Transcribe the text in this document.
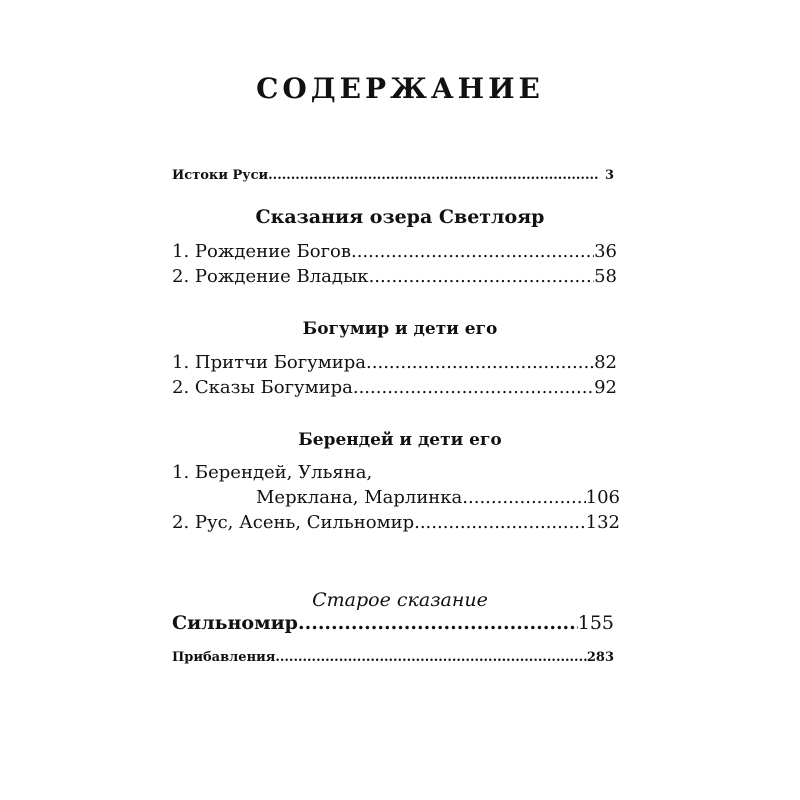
СОДЕРЖАНИЕ
Истоки Руси .....	3
Сказания озера Светлояр
1. Рождение Богов .....	36
2. Рождение Владык .....	58
Богумир и дети его
1. Притчи Богумира .....	82
2. Сказы Богумира .....	92
Берендей и дети его
1. Берендей, Ульяна,
Мерклана, Марлинка .....	106
2. Рус, Асень, Сильномир .....	132
Старое сказание
Сильномир .....	155
Прибавления .....	283
